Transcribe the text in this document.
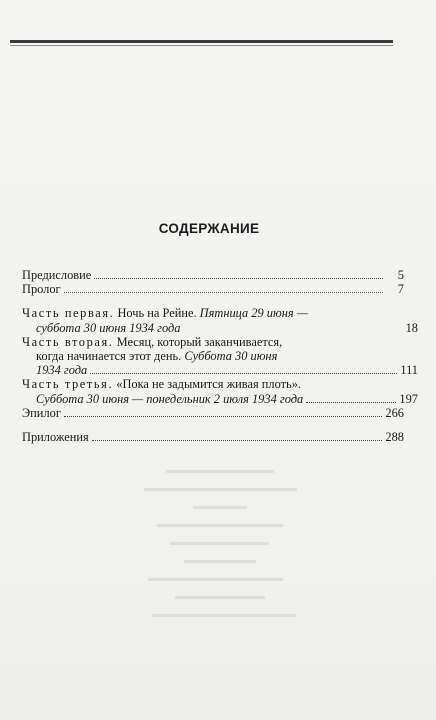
СОДЕРЖАНИЕ
Предисловие	5
Пролог	7
Часть первая.
Ночь на Рейне.
Пятница 29 июня —
суббота 30 июня 1934 года	18
Часть вторая.
Месяц, который заканчивается,
когда начинается этот день.
Суббота 30 июня
1934 года	111
Часть третья.
«Пока не задымится живая плоть».
Суббота 30 июня — понедельник 2 июля 1934 года	197
Эпилог	266
Приложения	288
